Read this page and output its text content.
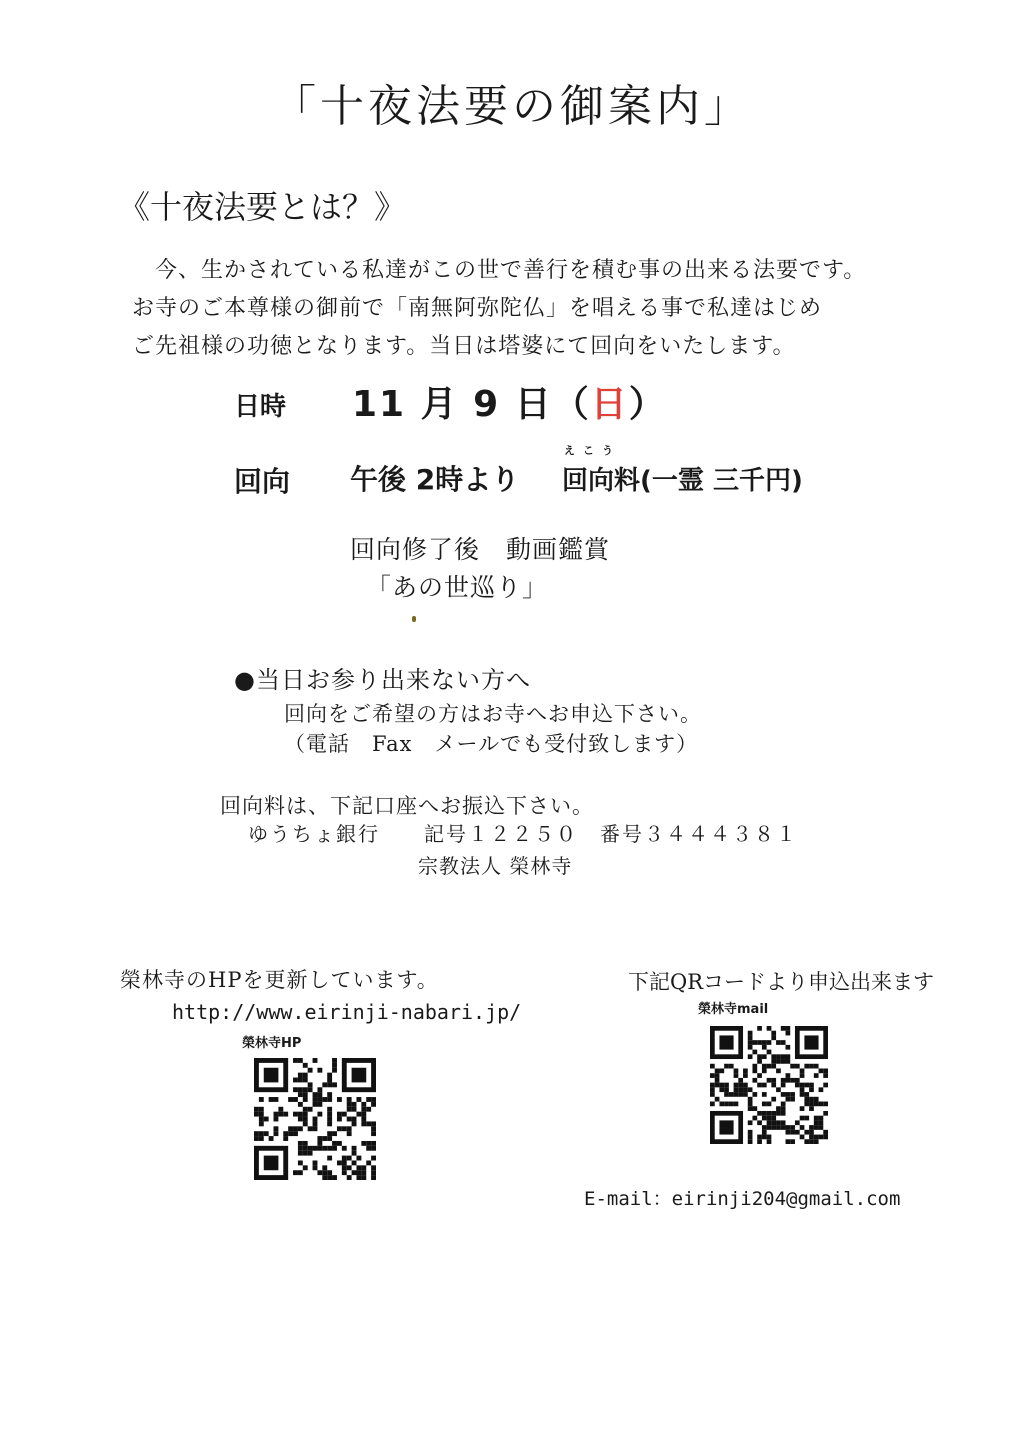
「十夜法要の御案内」
《十夜法要とは？》
　今、生かされている私達がこの世で善行を積む事の出来る法要です。
お寺のご本尊様の御前で「南無阿弥陀仏」を唱える事で私達はじめ
ご先祖様の功徳となります。当日は塔婆にて回向をいたします。
日時 11 月 9 日（日）
回向 午後 2時より
えこう
回向料(一霊 三千円)
回向修了後　動画鑑賞
「あの世巡り」
●当日お参り出来ない方へ
回向をご希望の方はお寺へお申込下さい。
（電話　Fax　メールでも受付致します）
回向料は、下記口座へお振込下さい。
ゆうちょ銀行　　記号１２２５０　番号３４４４３８１
宗教法人 榮林寺
榮林寺のHPを更新しています。
http://www.eirinji-nabari.jp/
榮林寺HP
下記QRコードより申込出来ます
榮林寺mail
E-mail：eirinji204@gmail.com
